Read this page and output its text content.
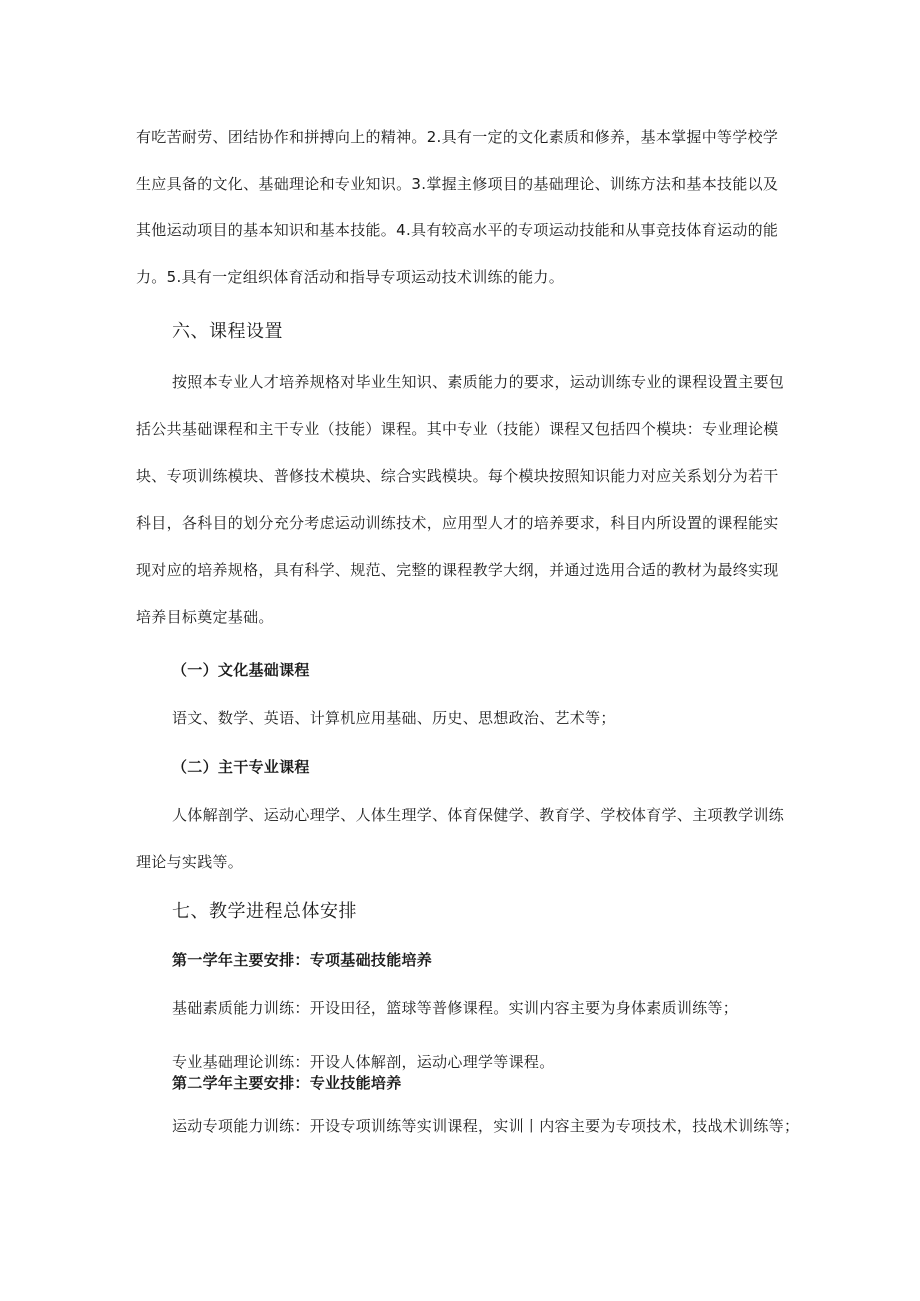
有吃苦耐劳、团结协作和拼搏向上的精神。2.具有一定的文化素质和修养，基本掌握中等学校学
生应具备的文化、基础理论和专业知识。3.掌握主修项目的基础理论、训练方法和基本技能以及
其他运动项目的基本知识和基本技能。4.具有较高水平的专项运动技能和从事竞技体育运动的能
力。5.具有一定组织体育活动和指导专项运动技术训练的能力。
六、课程设置
按照本专业人才培养规格对毕业生知识、素质能力的要求，运动训练专业的课程设置主要包
括公共基础课程和主干专业（技能）课程。其中专业（技能）课程又包括四个模块：专业理论模
块、专项训练模块、普修技术模块、综合实践模块。每个模块按照知识能力对应关系划分为若干
科目，各科目的划分充分考虑运动训练技术，应用型人才的培养要求，科目内所设置的课程能实
现对应的培养规格，具有科学、规范、完整的课程教学大纲，并通过选用合适的教材为最终实现
培养目标奠定基础。
（一）文化基础课程
语文、数学、英语、计算机应用基础、历史、思想政治、艺术等；
（二）主干专业课程
人体解剖学、运动心理学、人体生理学、体育保健学、教育学、学校体育学、主项教学训练
理论与实践等。
七、教学进程总体安排
第一学年主要安排：专项基础技能培养
基础素质能力训练：开设田径，篮球等普修课程。实训内容主要为身体素质训练等；
专业基础理论训练：开设人体解剖，运动心理学等课程。
第二学年主要安排：专业技能培养
运动专项能力训练：开设专项训练等实训课程，实训丨内容主要为专项技术，技战术训练等；
